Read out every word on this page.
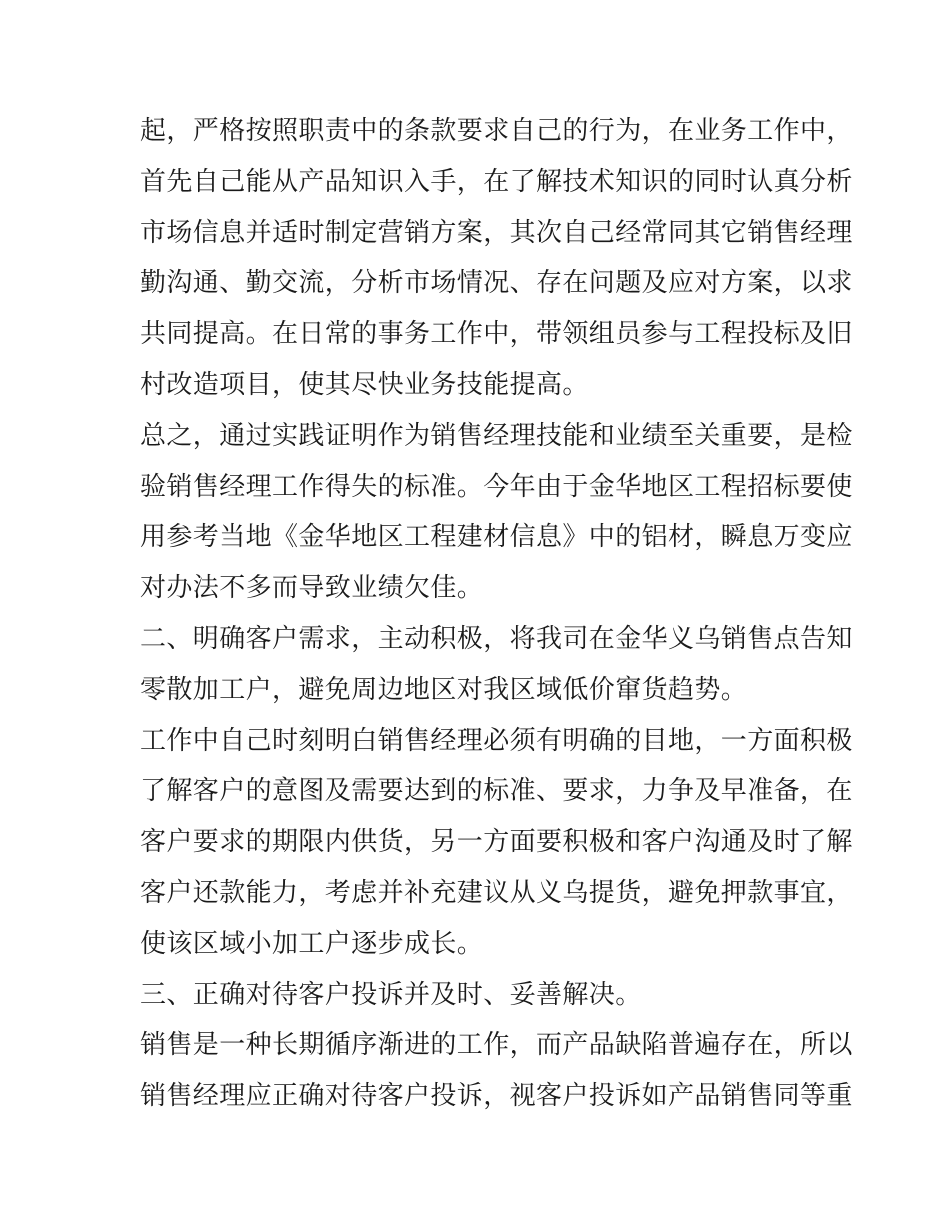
起，严格按照职责中的条款要求自己的行为，在业务工作中，
首先自己能从产品知识入手，在了解技术知识的同时认真分析
市场信息并适时制定营销方案，其次自己经常同其它销售经理
勤沟通、勤交流，分析市场情况、存在问题及应对方案，以求
共同提高。在日常的事务工作中，带领组员参与工程投标及旧
村改造项目，使其尽快业务技能提高。
总之，通过实践证明作为销售经理技能和业绩至关重要，是检
验销售经理工作得失的标准。今年由于金华地区工程招标要使
用参考当地《金华地区工程建材信息》中的铝材，瞬息万变应
对办法不多而导致业绩欠佳。
二、明确客户需求，主动积极，将我司在金华义乌销售点告知
零散加工户，避免周边地区对我区域低价窜货趋势。
工作中自己时刻明白销售经理必须有明确的目地，一方面积极
了解客户的意图及需要达到的标准、要求，力争及早准备，在
客户要求的期限内供货，另一方面要积极和客户沟通及时了解
客户还款能力，考虑并补充建议从义乌提货，避免押款事宜，
使该区域小加工户逐步成长。
三、正确对待客户投诉并及时、妥善解决。
销售是一种长期循序渐进的工作，而产品缺陷普遍存在，所以
销售经理应正确对待客户投诉，视客户投诉如产品销售同等重
